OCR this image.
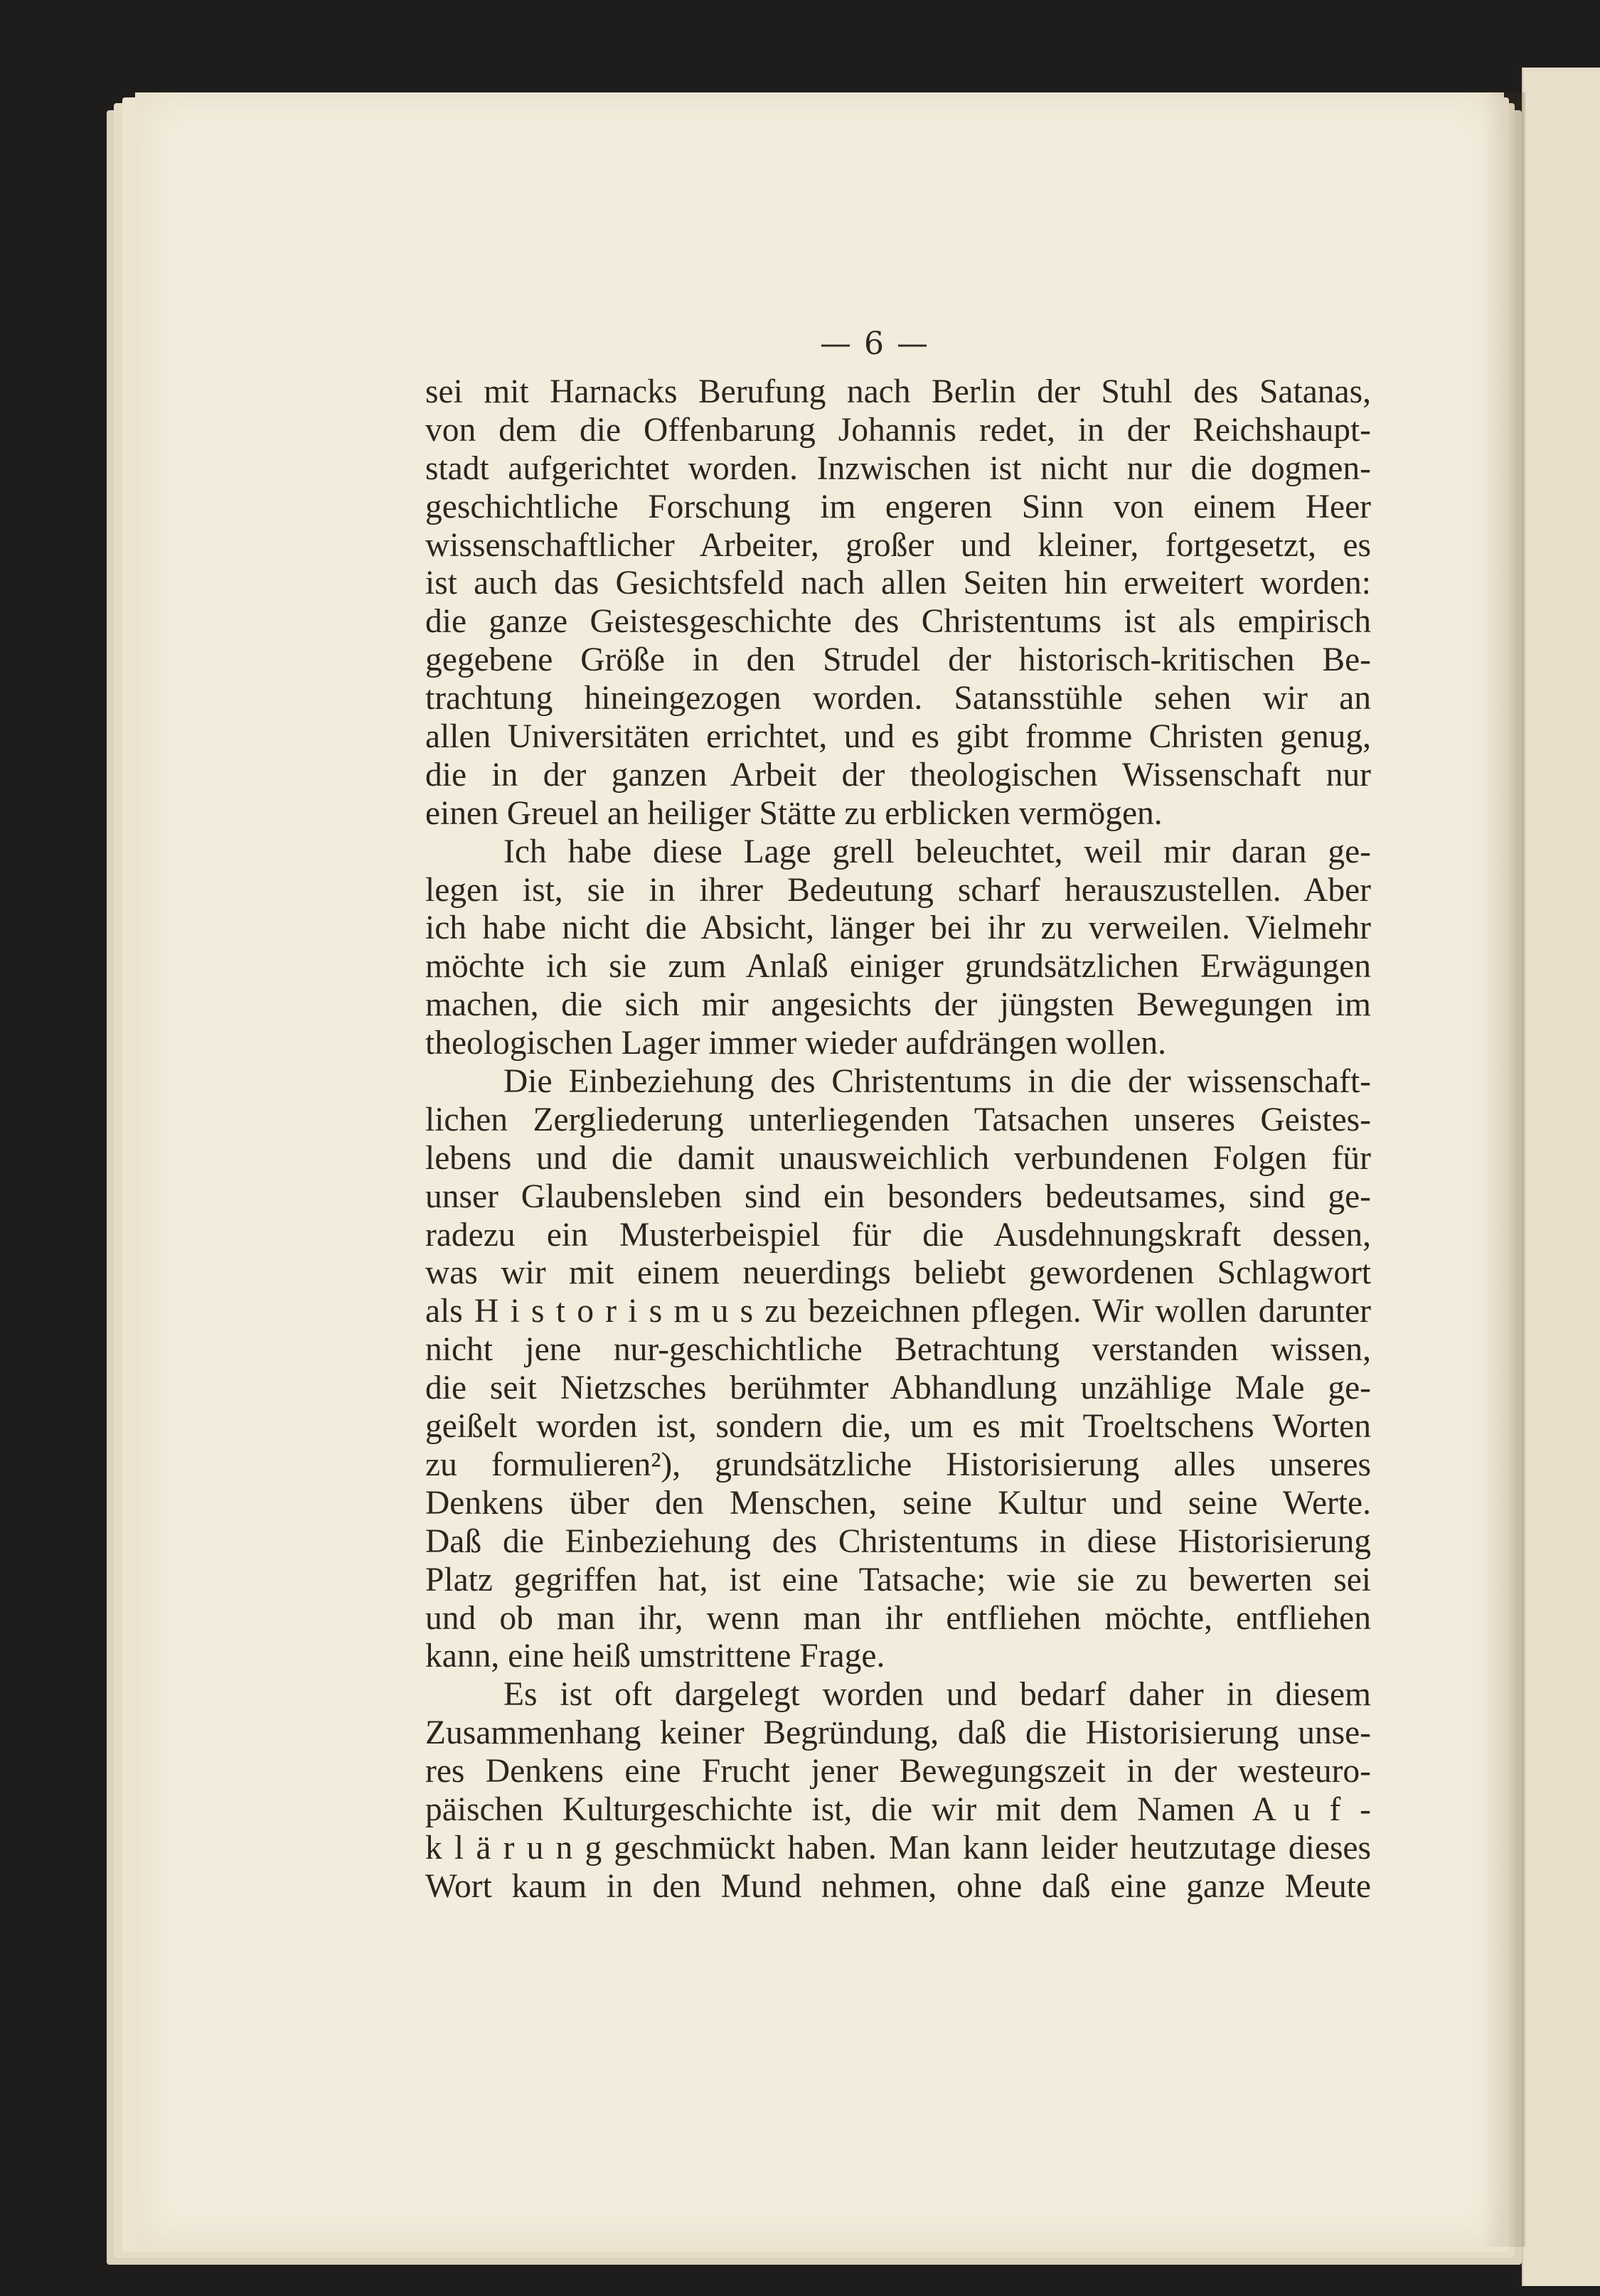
— 6 —
sei mit Harnacks Berufung nach Berlin der Stuhl des Satanas,
von dem die Offenbarung Johannis redet, in der Reichshaupt-
stadt aufgerichtet worden. Inzwischen ist nicht nur die dogmen-
geschichtliche Forschung im engeren Sinn von einem Heer
wissenschaftlicher Arbeiter, großer und kleiner, fortgesetzt, es
ist auch das Gesichtsfeld nach allen Seiten hin erweitert worden:
die ganze Geistesgeschichte des Christentums ist als empirisch
gegebene Größe in den Strudel der historisch-kritischen Be-
trachtung hineingezogen worden. Satansstühle sehen wir an
allen Universitäten errichtet, und es gibt fromme Christen genug,
die in der ganzen Arbeit der theologischen Wissenschaft nur
einen Greuel an heiliger Stätte zu erblicken vermögen.
Ich habe diese Lage grell beleuchtet, weil mir daran ge-
legen ist, sie in ihrer Bedeutung scharf herauszustellen. Aber
ich habe nicht die Absicht, länger bei ihr zu verweilen. Vielmehr
möchte ich sie zum Anlaß einiger grundsätzlichen Erwägungen
machen, die sich mir angesichts der jüngsten Bewegungen im
theologischen Lager immer wieder aufdrängen wollen.
Die Einbeziehung des Christentums in die der wissenschaft-
lichen Zergliederung unterliegenden Tatsachen unseres Geistes-
lebens und die damit unausweichlich verbundenen Folgen für
unser Glaubensleben sind ein besonders bedeutsames, sind ge-
radezu ein Musterbeispiel für die Ausdehnungskraft dessen,
was wir mit einem neuerdings beliebt gewordenen Schlagwort
als H i s t o r i s m u s zu bezeichnen pflegen. Wir wollen darunter
nicht jene nur-geschichtliche Betrachtung verstanden wissen,
die seit Nietzsches berühmter Abhandlung unzählige Male ge-
geißelt worden ist, sondern die, um es mit Troeltschens Worten
zu formulieren²), grundsätzliche Historisierung alles unseres
Denkens über den Menschen, seine Kultur und seine Werte.
Daß die Einbeziehung des Christentums in diese Historisierung
Platz gegriffen hat, ist eine Tatsache; wie sie zu bewerten sei
und ob man ihr, wenn man ihr entfliehen möchte, entfliehen
kann, eine heiß umstrittene Frage.
Es ist oft dargelegt worden und bedarf daher in diesem
Zusammenhang keiner Begründung, daß die Historisierung unse-
res Denkens eine Frucht jener Bewegungszeit in der westeuro-
päischen Kulturgeschichte ist, die wir mit dem Namen A u f -
k l ä r u n g geschmückt haben. Man kann leider heutzutage dieses
Wort kaum in den Mund nehmen, ohne daß eine ganze Meute
